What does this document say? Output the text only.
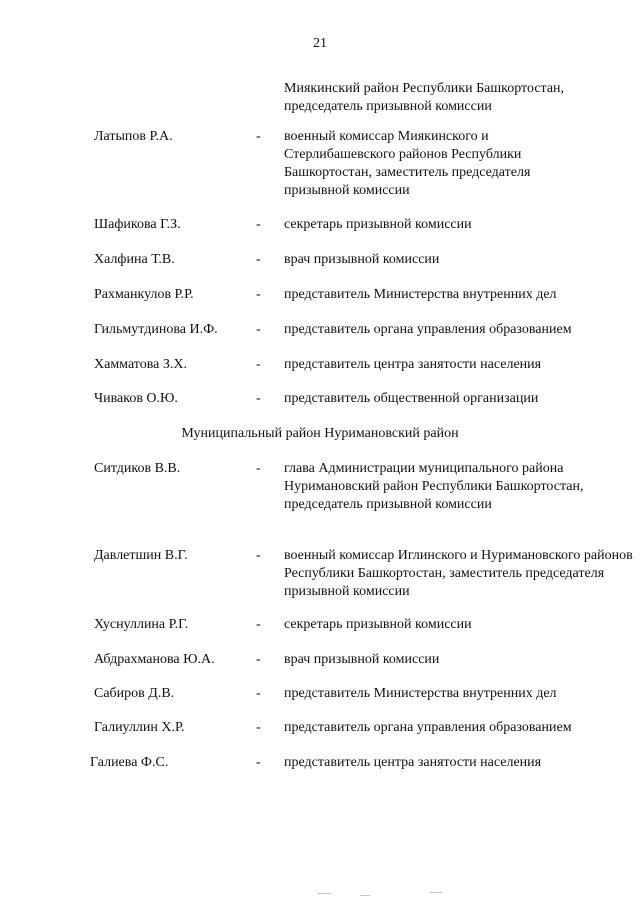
21
Миякинский район Республики Башкортостан, председатель призывной комиссии
Латыпов Р.А.	- военный комиссар Миякинского и Стерлибашевского районов Республики Башкортостан, заместитель председателя призывной комиссии
Шафикова Г.З.	- секретарь призывной комиссии
Халфина Т.В.	- врач призывной комиссии
Рахманкулов Р.Р.	- представитель Министерства внутренних дел
Гильмутдинова И.Ф.	- представитель органа управления образованием
Хамматова З.Х.	- представитель центра занятости населения
Чиваков О.Ю.	- представитель общественной организации
Муниципальный район Нуримановский район
Ситдиков В.В.	- глава Администрации муниципального района Нуримановский район Республики Башкортостан, председатель призывной комиссии
Давлетшин В.Г.	- военный комиссар Иглинского и Нуримановского районов Республики Башкортостан, заместитель председателя призывной комиссии
Хуснуллина Р.Г.	- секретарь призывной комиссии
Абдрахманова Ю.А.	- врач призывной комиссии
Сабиров Д.В.	- представитель Министерства внутренних дел
Галиуллин Х.Р.	- представитель органа управления образованием
Галиева Ф.С.	- представитель центра занятости населения
